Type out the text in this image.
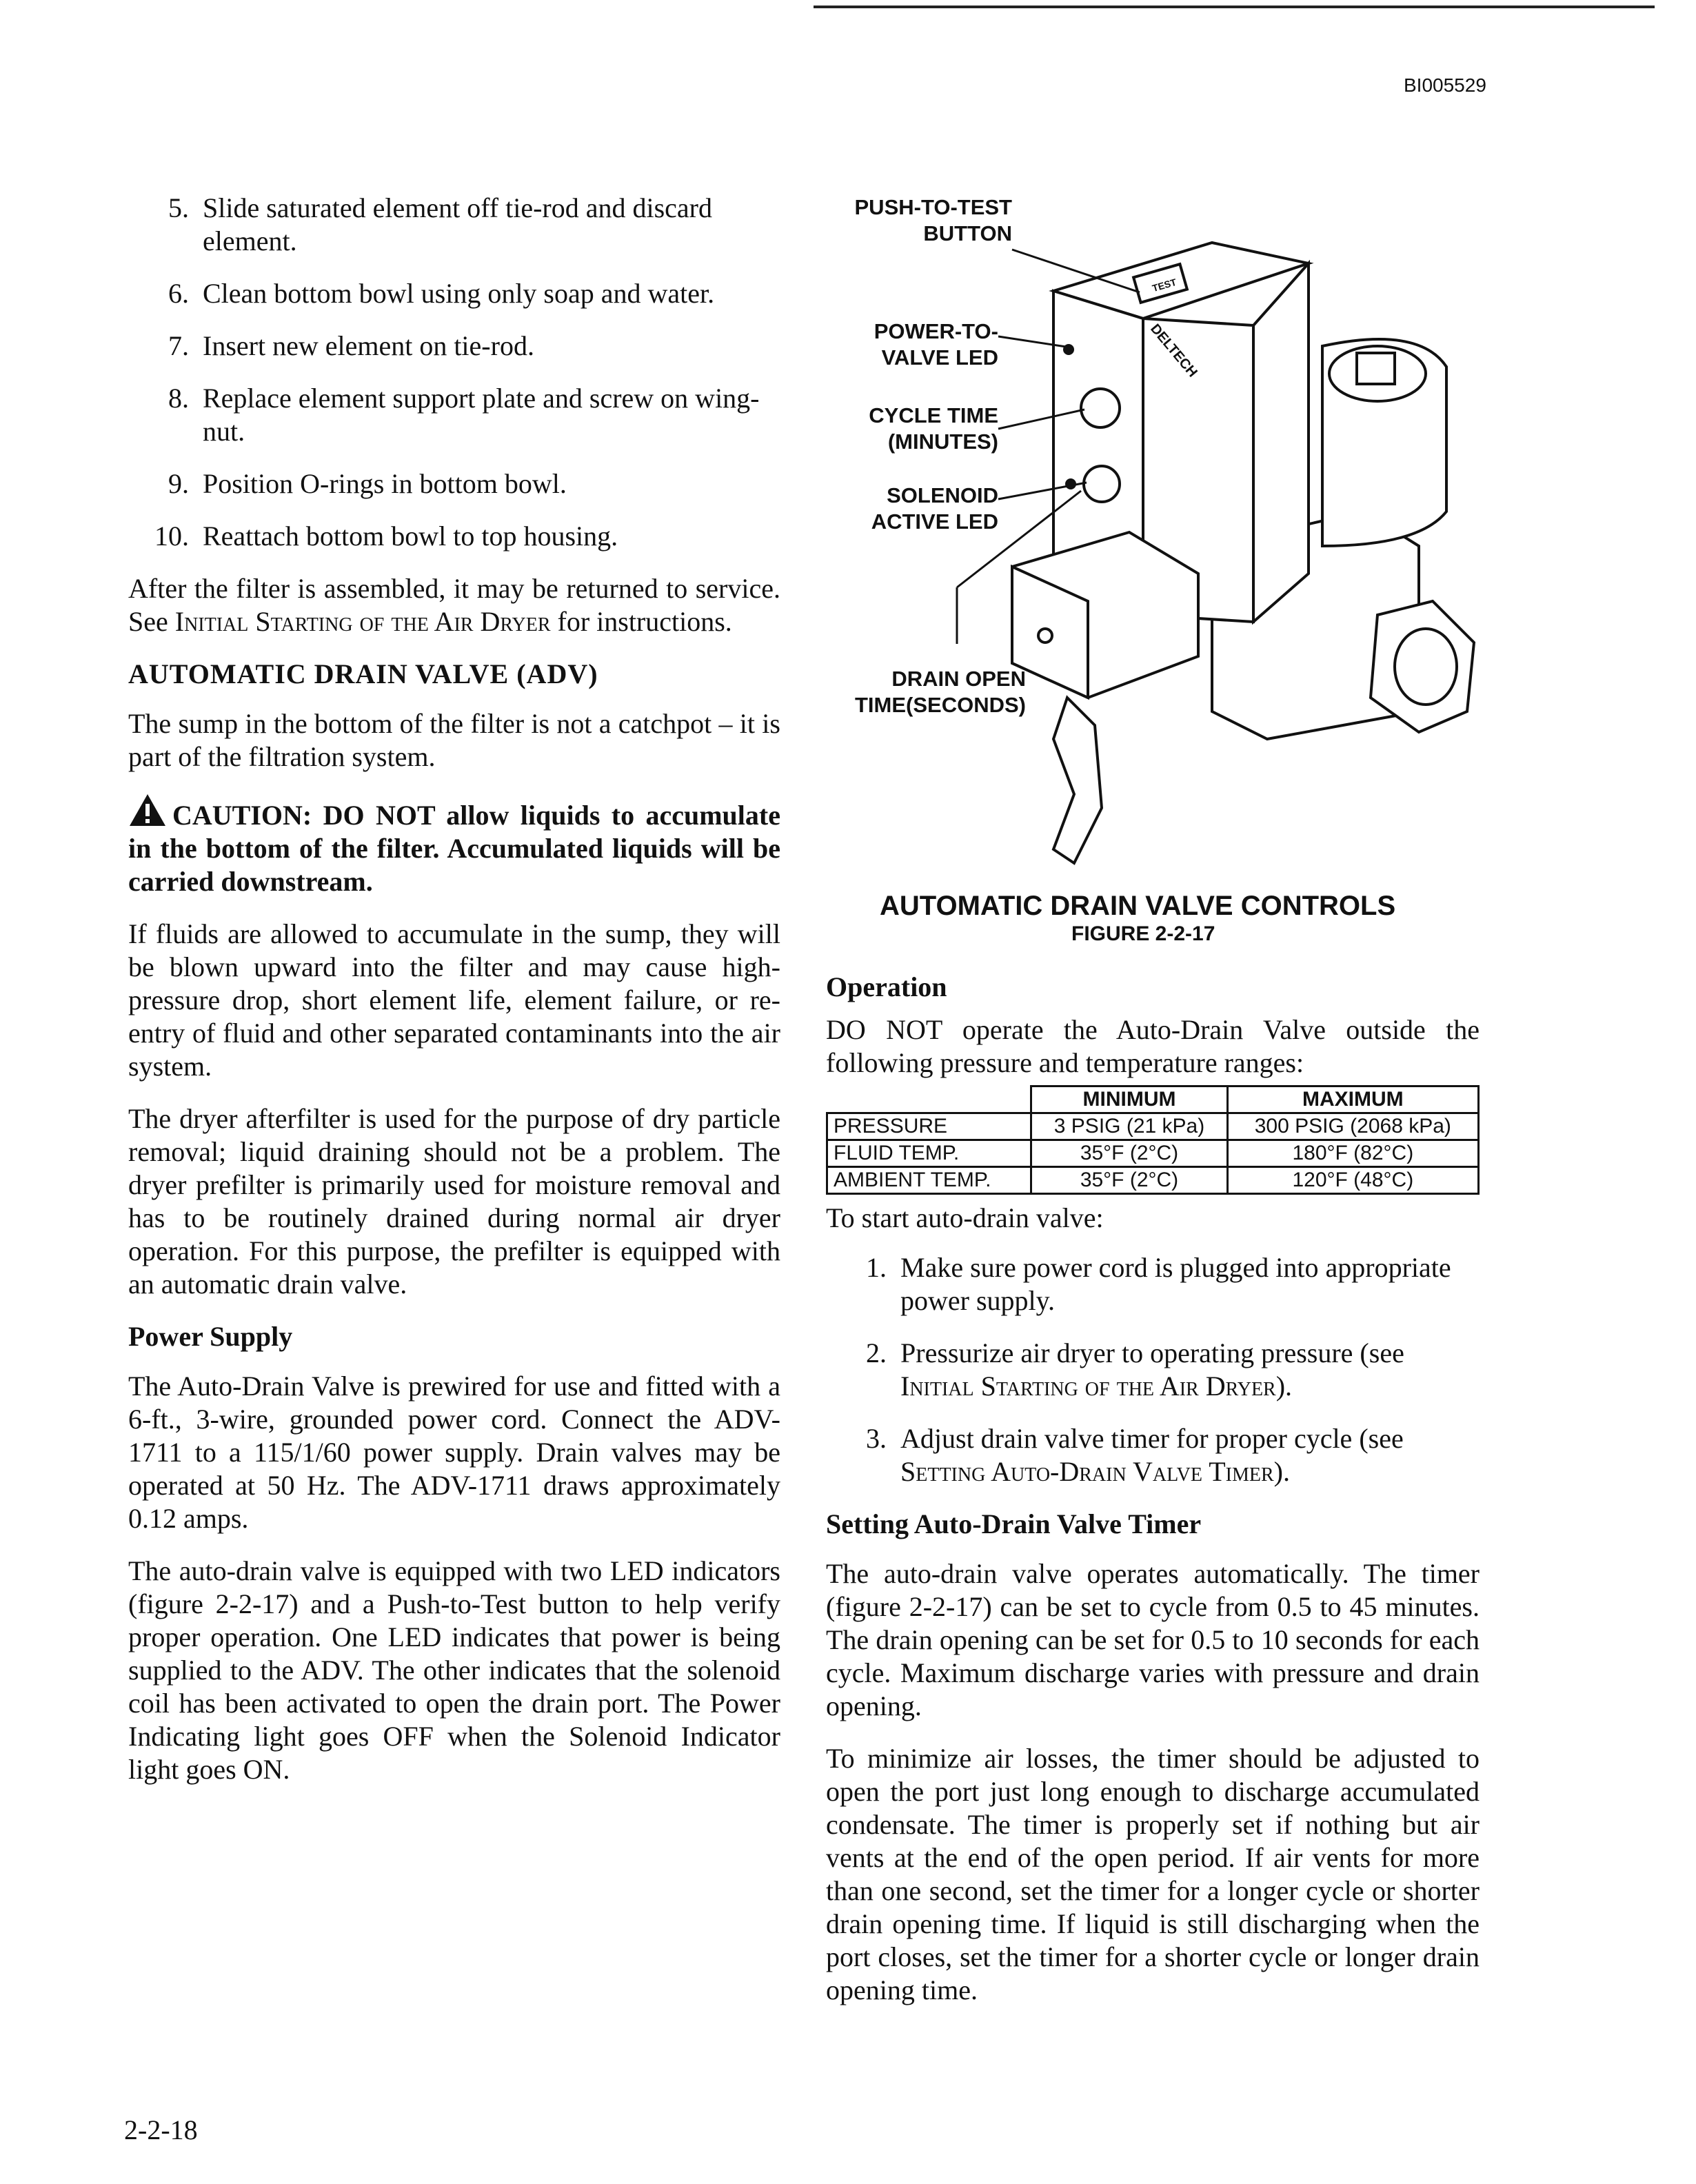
BI005529
5. Slide saturated element off tie-rod and discard element.
6. Clean bottom bowl using only soap and water.
7. Insert new element on tie-rod.
8. Replace element support plate and screw on wing-nut.
9. Position O-rings in bottom bowl.
10. Reattach bottom bowl to top housing.

After the filter is assembled, it may be returned to service. See Initial Starting of the Air Dryer for instructions.

AUTOMATIC DRAIN VALVE (ADV)

The sump in the bottom of the filter is not a catchpot – it is part of the filtration system.

CAUTION: DO NOT allow liquids to accumulate in the bottom of the filter. Accumulated liquids will be carried downstream.

If fluids are allowed to accumulate in the sump, they will be blown upward into the filter and may cause high-pressure drop, short element life, element failure, or re-entry of fluid and other separated contaminants into the air system.

The dryer afterfilter is used for the purpose of dry particle removal; liquid draining should not be a problem. The dryer prefilter is primarily used for moisture removal and has to be routinely drained during normal air dryer operation. For this purpose, the prefilter is equipped with an automatic drain valve.

Power Supply

The Auto-Drain Valve is prewired for use and fitted with a 6-ft., 3-wire, grounded power cord. Connect the ADV-1711 to a 115/1/60 power supply. Drain valves may be operated at 50 Hz. The ADV-1711 draws approximately 0.12 amps.

The auto-drain valve is equipped with two LED indicators (figure 2-2-17) and a Push-to-Test button to help verify proper operation. One LED indicates that power is being supplied to the ADV. The other indicates that the solenoid coil has been activated to open the drain port. The Power Indicating light goes OFF when the Solenoid Indicator light goes ON.

DELTECH
TEST
PUSH-TO-TEST BUTTON
POWER-TO- VALVE LED
CYCLE TIME (MINUTES)
SOLENOID ACTIVE LED
DRAIN OPEN TIME(SECONDS)
AUTOMATIC DRAIN VALVE CONTROLS
FIGURE 2-2-17
Operation

DO NOT operate the Auto-Drain Valve outside the following pressure and temperature ranges:

	MINIMUM	MAXIMUM
PRESSURE	3 PSIG (21 kPa)	300 PSIG (2068 kPa)
FLUID TEMP.	35°F (2°C)	180°F (82°C)
AMBIENT TEMP.	35°F (2°C)	120°F (48°C)

To start auto-drain valve:

1. Make sure power cord is plugged into appropriate power supply.
2. Pressurize air dryer to operating pressure (see Initial Starting of the Air Dryer).
3. Adjust drain valve timer for proper cycle (see Setting Auto-Drain Valve Timer).
Setting Auto-Drain Valve Timer

The auto-drain valve operates automatically. The timer (figure 2-2-17) can be set to cycle from 0.5 to 45 minutes. The drain opening can be set for 0.5 to 10 seconds for each cycle. Maximum discharge varies with pressure and drain opening.

To minimize air losses, the timer should be adjusted to open the port just long enough to discharge accumulated condensate. The timer is properly set if nothing but air vents at the end of the open period. If air vents for more than one second, set the timer for a longer cycle or shorter drain opening time. If liquid is still discharging when the port closes, set the timer for a shorter cycle or longer drain opening time.

2-2-18
